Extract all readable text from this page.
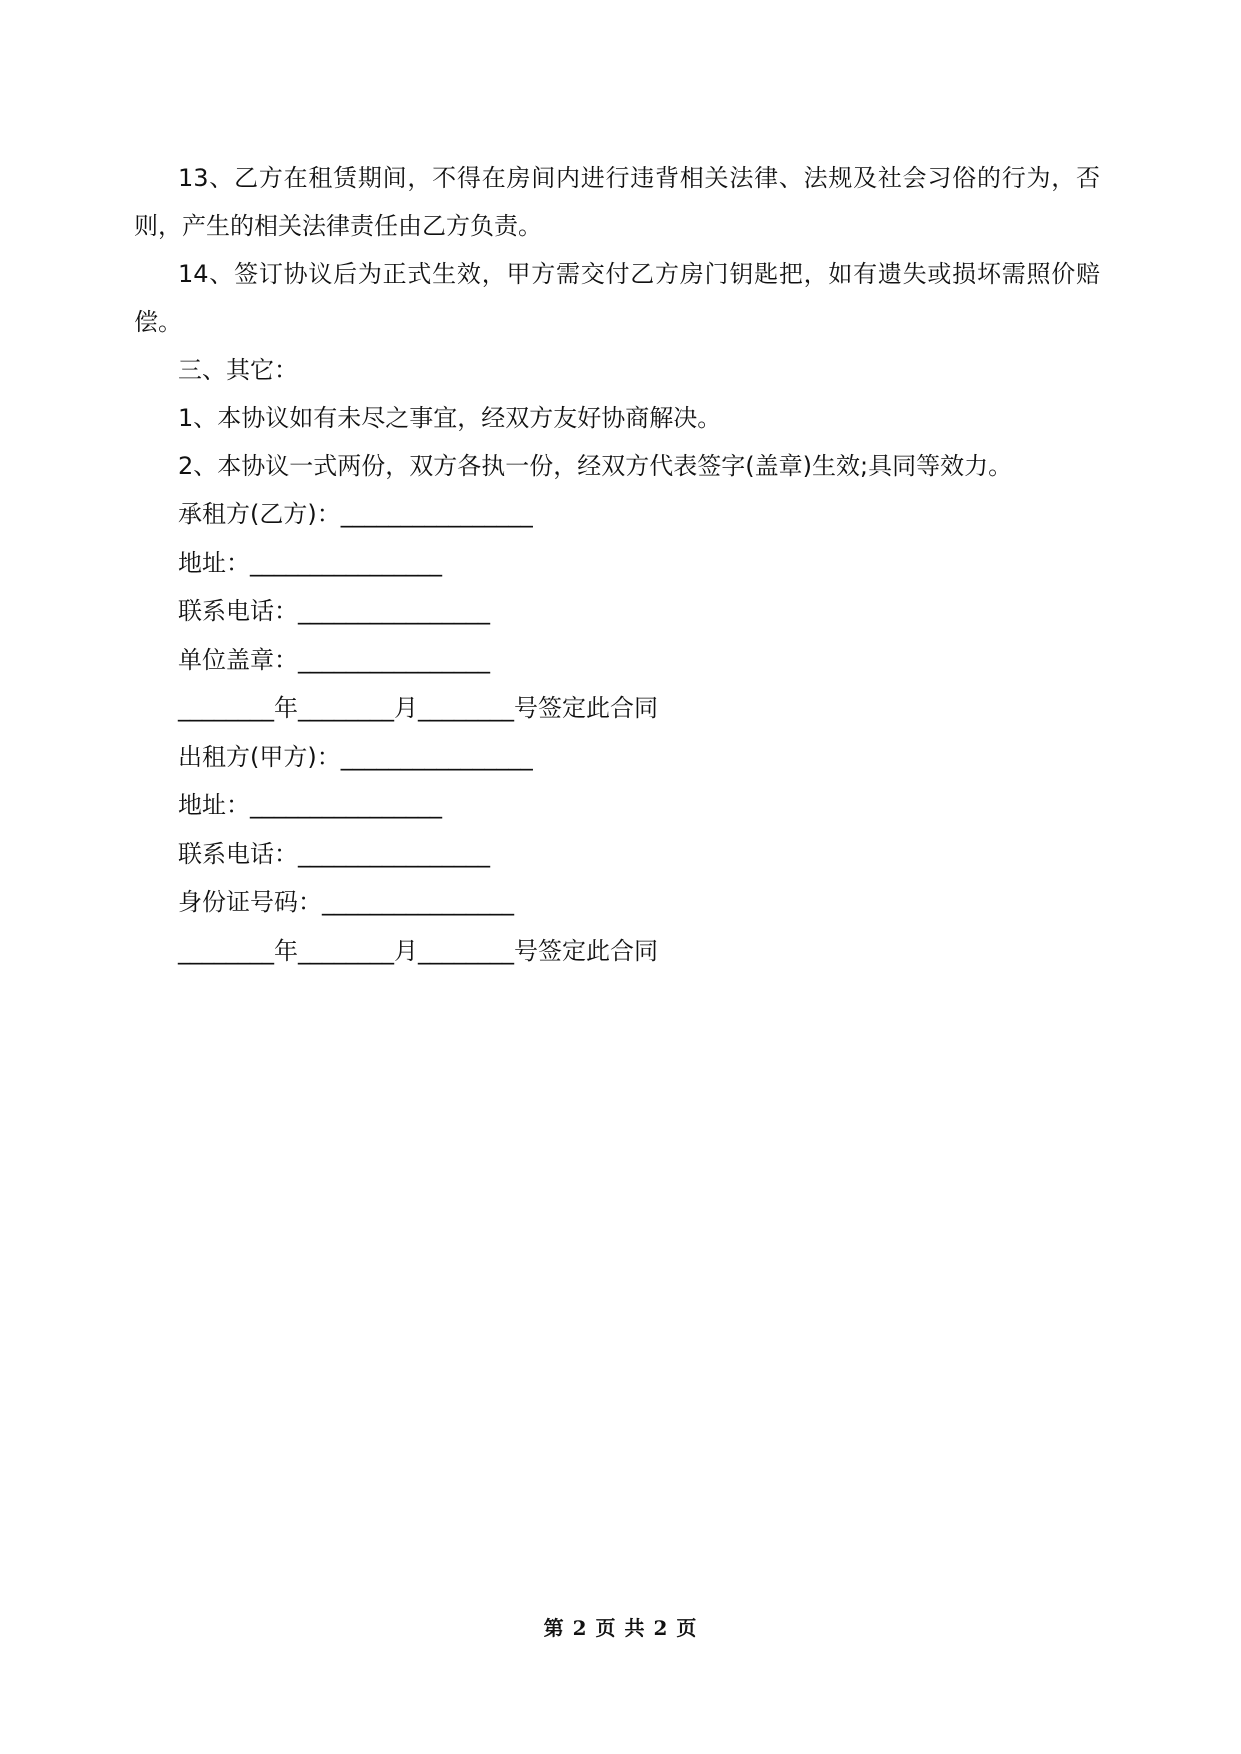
13、乙方在租赁期间，不得在房间内进行违背相关法律、法规及社会习俗的行为，否则，产生的相关法律责任由乙方负责。

14、签订协议后为正式生效，甲方需交付乙方房门钥匙把，如有遗失或损坏需照价赔偿。

三、其它：

1、本协议如有未尽之事宜，经双方友好协商解决。

2、本协议一式两份，双方各执一份，经双方代表签字(盖章)生效;具同等效力。

承租方(乙方)：________________
地址：________________
联系电话：________________
单位盖章：________________
________年________月________号签定此合同
出租方(甲方)：________________
地址：________________
联系电话：________________
身份证号码：________________
________年________月________号签定此合同
第 2 页 共 2 页
